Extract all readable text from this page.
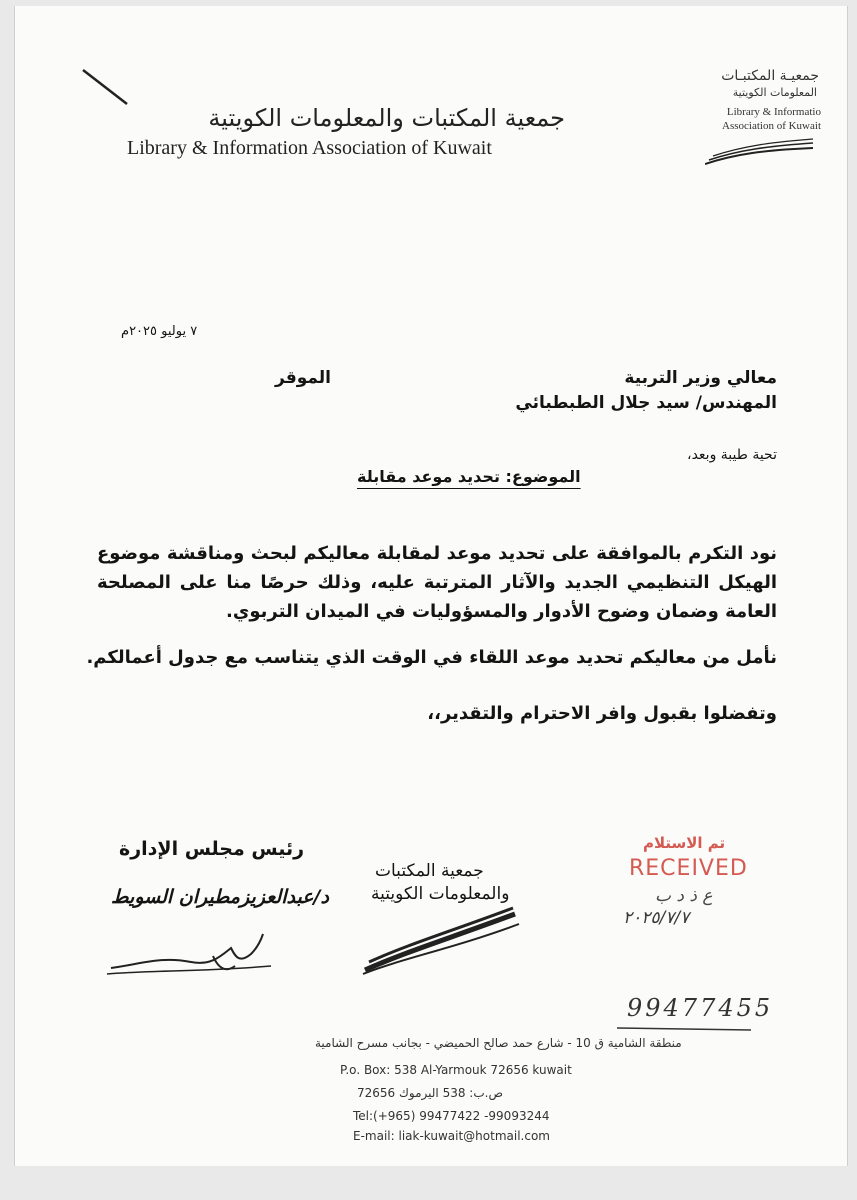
جمعية المكتبات والمعلومات الكويتية
Library & Information Association of Kuwait
جمعيـة المكتبـات
المعلومات الكويتية
Library & Informatio
Association of Kuwait
٧ يوليو ٢٠٢٥م
معالي وزير التربية
الموقر
المهندس/ سيد جلال الطبطبائي
تحية طيبة وبعد،
الموضوع: تحديد موعد مقابلة
نود التكرم بالموافقة على تحديد موعد لمقابلة معاليكم لبحث ومناقشة موضوع الهيكل التنظيمي الجديد والآثار المترتبة عليه، وذلك حرصًا منا على المصلحة العامة وضمان وضوح الأدوار والمسؤوليات في الميدان التربوي.
نأمل من معاليكم تحديد موعد اللقاء في الوقت الذي يتناسب مع جدول أعمالكم.
وتفضلوا بقبول وافر الاحترام والتقدير،،
رئيس مجلس الإدارة
د/عبدالعزيزمطيران السويط
جمعية المكتبات
والمعلومات الكويتية
تم الاستلام
RECEIVED
ع ذ د ب
٢٠٢٥/٧/٧
99477455
منطقة الشامية ق 10 - شارع حمد صالح الحميضي - بجانب مسرح الشامية
P.o. Box: 538 Al-Yarmouk 72656 kuwait
ص.ب: 538 اليرموك 72656
Tel:(+965) 99477422 -99093244
E-mail: liak-kuwait@hotmail.com
